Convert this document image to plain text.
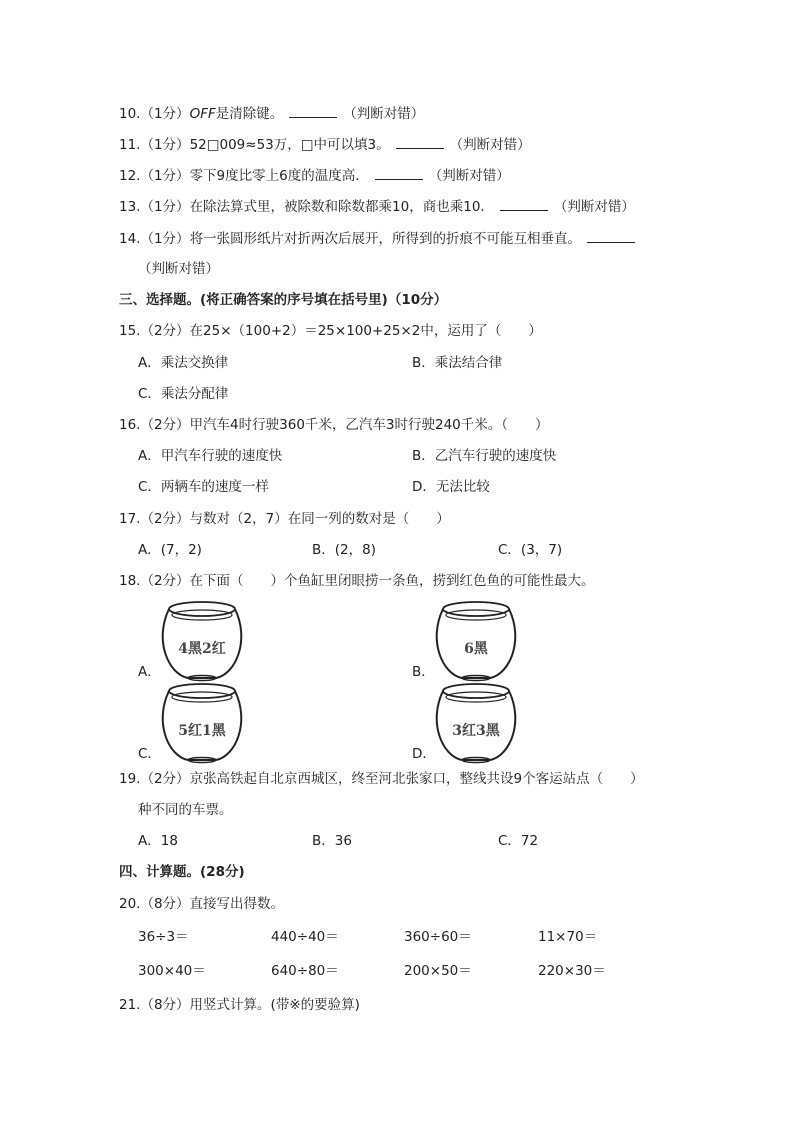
10.（1分）OFF是清除键。	（判断对错）
11.（1分）52□009≈53万，□中可以填3。	（判断对错）
12.（1分）零下9度比零上6度的温度高．	（判断对错）
13.（1分）在除法算式里，被除数和除数都乘10，商也乘10．	（判断对错）
14.（1分）将一张圆形纸片对折两次后展开，所得到的折痕不可能互相垂直。
（判断对错）
三、选择题。(将正确答案的序号填在括号里)（10分）
15.（2分）在25×（100+2）＝25×100+25×2中，运用了（　　）
A．乘法交换律	B．乘法结合律
C．乘法分配律
16.（2分）甲汽车4时行驶360千米，乙汽车3时行驶240千米。（　　）
A．甲汽车行驶的速度快	B．乙汽车行驶的速度快
C．两辆车的速度一样	D．无法比较
17.（2分）与数对（2，7）在同一列的数对是（　　）
A．(7，2)	B．(2，8)	C．(3，7)
18.（2分）在下面（　　）个鱼缸里闭眼捞一条鱼，捞到红色鱼的可能性最大。
A．
4黑2红
B．
6黑
C．
5红1黑
D．
3红3黑
19.（2分）京张高铁起自北京西城区，终至河北张家口，整线共设9个客运站点（　　）
种不同的车票。
A．18	B．36	C．72
四、计算题。(28分)
20.（8分）直接写出得数。
36÷3＝	440÷40＝	360÷60＝	11×70＝
300×40＝	640÷80＝	200×50＝	220×30＝
21.（8分）用竖式计算。(带※的要验算)
